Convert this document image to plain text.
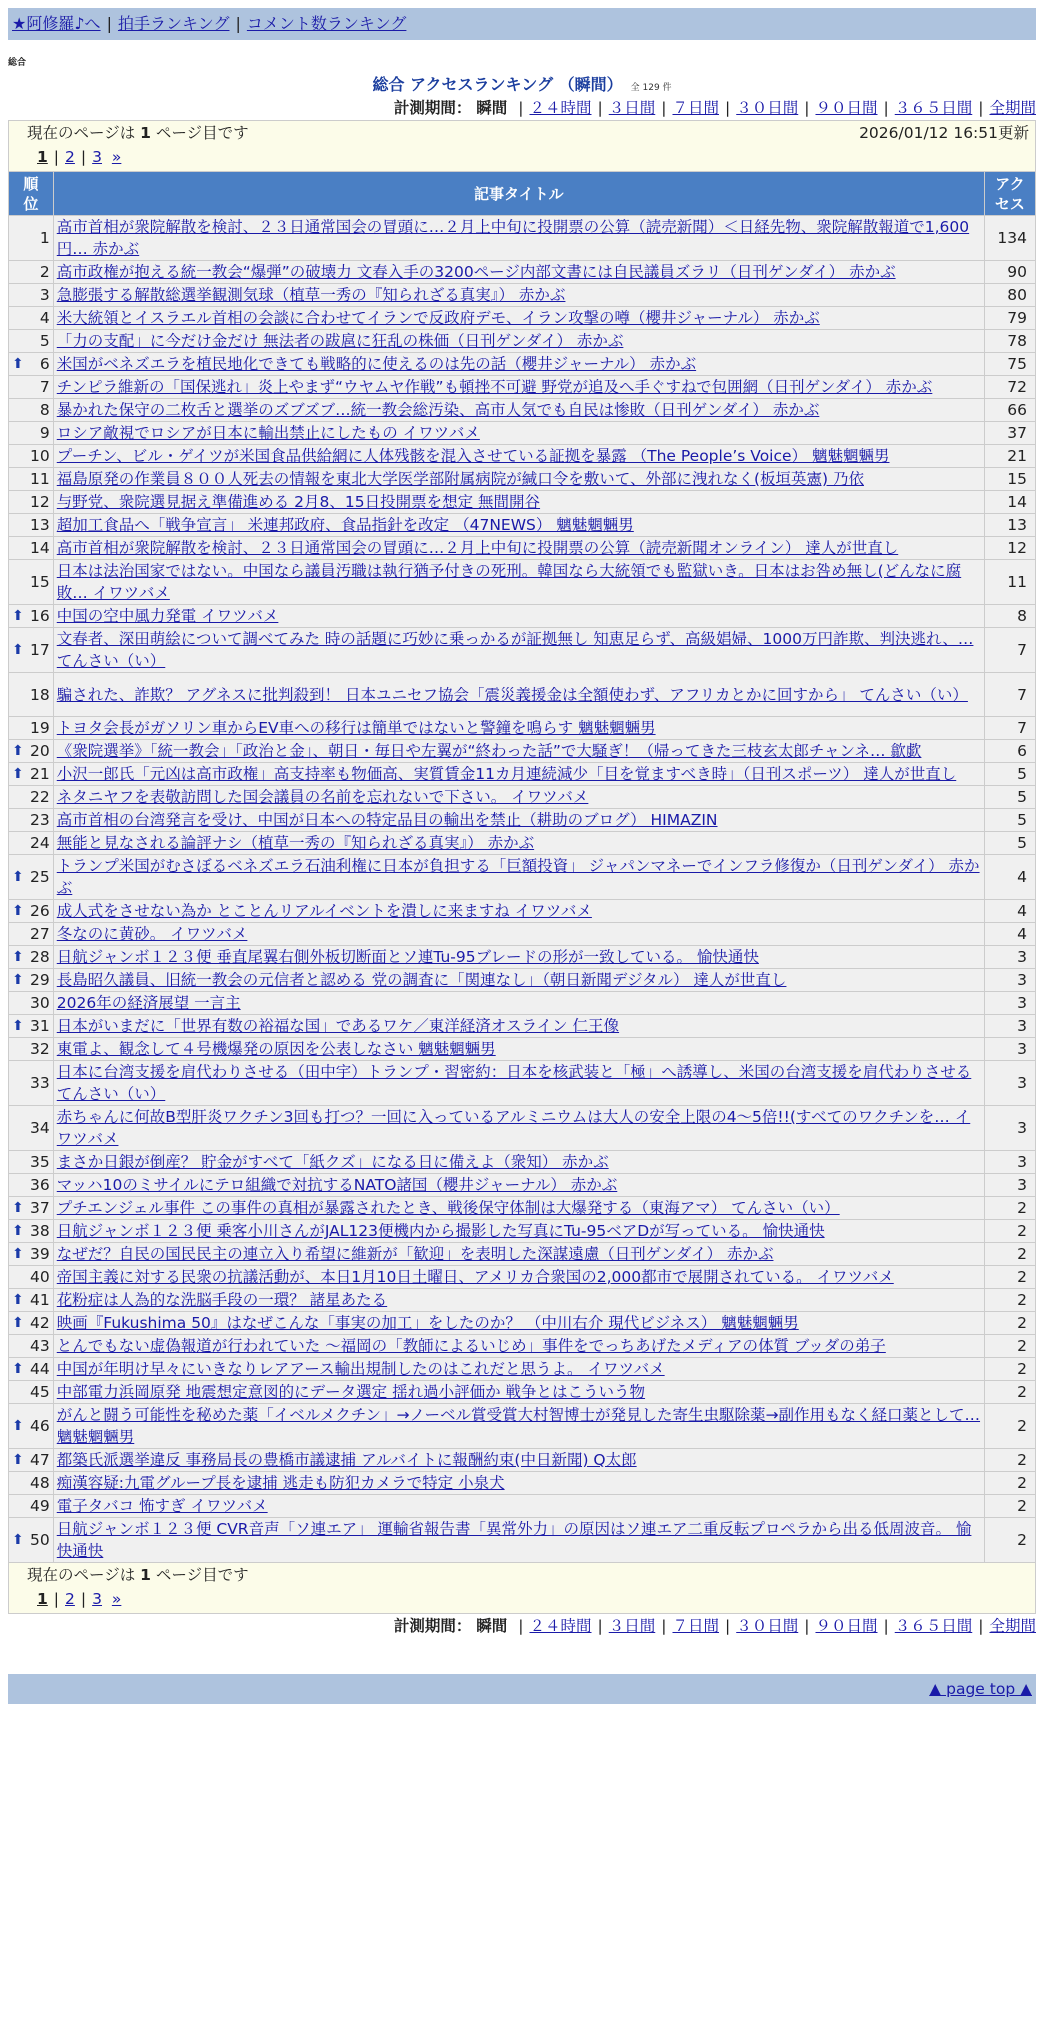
★阿修羅♪へ | 拍手ランキング | コメント数ランキング
総合
総合 アクセスランキング （瞬間） 全 129 件
計測期間： 瞬間 | ２４時間 | ３日間 | ７日間 | ３０日間 | ９０日間 | ３６５日間 | 全期間
現在のページは 1 ページ目です	2026/01/12 16:51更新
1 | 2 | 3 »
順位	記事タイトル	アクセス
1	高市首相が衆院解散を検討、２３日通常国会の冒頭に…２月上中旬に投開票の公算（読売新聞）＜日経先物、衆院解散報道で1,600円… 赤かぶ	134
2	高市政権が抱える統一教会“爆弾”の破壊力 文春入手の3200ページ内部文書には自民議員ズラリ（日刊ゲンダイ） 赤かぶ	90
3	急膨張する解散総選挙観測気球（植草一秀の『知られざる真実』） 赤かぶ	80
4	米大統領とイスラエル首相の会談に合わせてイランで反政府デモ、イラン攻撃の噂（櫻井ジャーナル） 赤かぶ	79
5	「力の支配」に今だけ金だけ 無法者の跋扈に狂乱の株価（日刊ゲンダイ） 赤かぶ	78

⬆ 6	米国がベネズエラを植民地化できても戦略的に使えるのは先の話（櫻井ジャーナル） 赤かぶ	75
7	チンピラ維新の「国保逃れ」炎上やまず“ウヤムヤ作戦”も頓挫不可避 野党が追及へ手ぐすねで包囲網（日刊ゲンダイ） 赤かぶ	72
8	暴かれた保守の二枚舌と選挙のズブズブ…統一教会総汚染、高市人気でも自民は惨敗（日刊ゲンダイ） 赤かぶ	66
9	ロシア敵視でロシアが日本に輸出禁止にしたもの イワツバメ	37
10	プーチン、ビル・ゲイツが米国食品供給網に人体残骸を混入させている証拠を暴露 （The People’s Voice） 魑魅魍魎男	21
11	福島原発の作業員８００人死去の情報を東北大学医学部附属病院が緘口令を敷いて、外部に洩れなく(板垣英憲) 乃依	15
12	与野党、衆院選見据え準備進める 2月8、15日投開票を想定 無間開谷	14
13	超加工食品へ「戦争宣言」 米連邦政府、食品指針を改定 （47NEWS） 魑魅魍魎男	13
14	高市首相が衆院解散を検討、２３日通常国会の冒頭に…２月上中旬に投開票の公算（読売新聞オンライン） 達人が世直し	12
15	日本は法治国家ではない。中国なら議員汚職は執行猶予付きの死刑。韓国なら大統領でも監獄いき。日本はお咎め無し(どんなに腐敗… イワツバメ	11

⬆ 16	中国の空中風力発電 イワツバメ	8

⬆ 17	文春者、深田萌絵について調べてみた 時の話題に巧妙に乗っかるが証拠無し 知恵足らず、高級娼婦、1000万円詐欺、判決逃れ、… てんさい（い）	7
18	騙された、詐欺？ アグネスに批判殺到！ 日本ユニセフ協会「震災義援金は全額使わず、アフリカとかに回すから」 てんさい（い）	7
19	トヨタ会長がガソリン車からEV車への移行は簡単ではないと警鐘を鳴らす 魑魅魍魎男	7

⬆ 20	《衆院選挙》「統一教会」「政治と金」、朝日・毎日や左翼が“終わった話”で大騒ぎ！（帰ってきた三枝玄太郎チャンネ… 歙歔	6

⬆ 21	小沢一郎氏「元凶は高市政権」高支持率も物価高、実質賃金11カ月連続減少「目を覚ますべき時」（日刊スポーツ） 達人が世直し	5
22	ネタニヤフを表敬訪問した国会議員の名前を忘れないで下さい。 イワツバメ	5
23	高市首相の台湾発言を受け、中国が日本への特定品目の輸出を禁止（耕助のブログ） HIMAZIN	5
24	無能と見なされる論評ナシ（植草一秀の『知られざる真実』） 赤かぶ	5

⬆ 25	トランプ米国がむさぼるベネズエラ石油利権に日本が負担する「巨額投資」 ジャパンマネーでインフラ修復か（日刊ゲンダイ） 赤かぶ	4

⬆ 26	成人式をさせない為か とことんリアルイベントを潰しに来ますね イワツバメ	4
27	冬なのに黄砂。 イワツバメ	4

⬆ 28	日航ジャンボ１２３便 垂直尾翼右側外板切断面とソ連Tu-95ブレードの形が一致している。 愉快通快	3

⬆ 29	長島昭久議員、旧統一教会の元信者と認める 党の調査に「関連なし」（朝日新聞デジタル） 達人が世直し	3
30	2026年の経済展望 一言主	3

⬆ 31	日本がいまだに「世界有数の裕福な国」であるワケ／東洋経済オスライン 仁王像	3
32	東電よ、観念して４号機爆発の原因を公表しなさい 魑魅魍魎男	3
33	日本に台湾支援を肩代わりさせる（田中宇）トランプ・習密約：日本を核武装と「極」へ誘導し、米国の台湾支援を肩代わりさせる てんさい（い）	3
34	赤ちゃんに何故B型肝炎ワクチン3回も打つ？一回に入っているアルミニウムは大人の安全上限の4～5倍!!(すべてのワクチンを… イワツバメ	3
35	まさか日銀が倒産？ 貯金がすべて「紙クズ」になる日に備えよ（衆知） 赤かぶ	3
36	マッハ10のミサイルにテロ組織で対抗するNATO諸国（櫻井ジャーナル） 赤かぶ	3

⬆ 37	プチエンジェル事件 この事件の真相が暴露されたとき、戦後保守体制は大爆発する（東海アマ） てんさい（い）	2

⬆ 38	日航ジャンボ１２３便 乗客小川さんがJAL123便機内から撮影した写真にTu-95ベアDが写っている。 愉快通快	2

⬆ 39	なぜだ？自民の国民民主の連立入り希望に維新が「歓迎」を表明した深謀遠慮（日刊ゲンダイ） 赤かぶ	2
40	帝国主義に対する民衆の抗議活動が、本日1月10日土曜日、アメリカ合衆国の2,000都市で展開されている。 イワツバメ	2

⬆ 41	花粉症は人為的な洗脳手段の一環？ 諸星あたる	2

⬆ 42	映画『Fukushima 50』はなぜこんな「事実の加工」をしたのか？ （中川右介 現代ビジネス） 魑魅魍魎男	2
43	とんでもない虚偽報道が行われていた ～福岡の「教師によるいじめ」事件をでっちあげたメディアの体質 ブッダの弟子	2

⬆ 44	中国が年明け早々にいきなりレアアース輸出規制したのはこれだと思うよ。 イワツバメ	2
45	中部電力浜岡原発 地震想定意図的にデータ選定 揺れ過小評価か 戦争とはこういう物	2

⬆ 46	がんと闘う可能性を秘めた薬「イベルメクチン」→ノーベル賞受賞大村智博士が発見した寄生虫駆除薬→副作用もなく経口薬として… 魑魅魍魎男	2

⬆ 47	都築氏派選挙違反 事務局長の豊橋市議逮捕 アルバイトに報酬約束(中日新聞) Q太郎	2
48	痴漢容疑:九電グループ長を逮捕 逃走も防犯カメラで特定 小泉犬	2
49	電子タバコ 怖すぎ イワツバメ	2

⬆ 50	日航ジャンボ１２３便 CVR音声「ソ連エア」 運輸省報告書「異常外力」の原因はソ連エア二重反転プロペラから出る低周波音。 愉快通快	2
現在のページは 1 ページ目です
1 | 2 | 3 »
計測期間： 瞬間 | ２４時間 | ３日間 | ７日間 | ３０日間 | ９０日間 | ３６５日間 | 全期間
▲ page top ▲
